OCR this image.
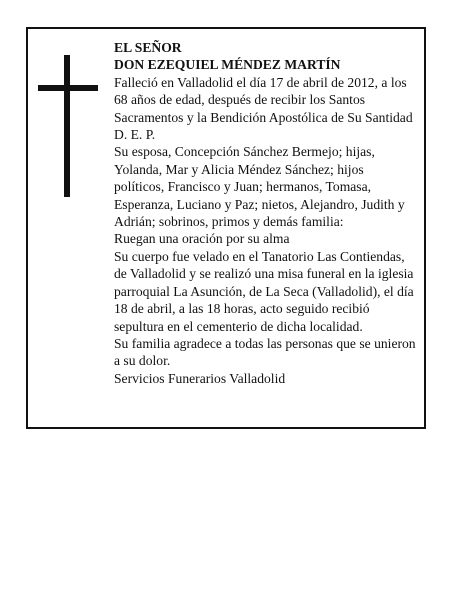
EL SEÑOR

DON EZEQUIEL MÉNDEZ MARTÍN

Falleció en Valladolid el día 17 de abril de 2012, a los 68 años de edad, después de recibir los Santos Sacramentos y la Bendición Apostólica de Su Santidad D. E. P.

Su esposa, Concepción Sánchez Bermejo; hijas, Yolanda, Mar y Alicia Méndez Sánchez; hijos políticos, Francisco y Juan; hermanos, Tomasa, Esperanza, Luciano y Paz; nietos, Alejandro, Judith y Adrián; sobrinos, primos y demás familia:

Ruegan una oración por su alma

Su cuerpo fue velado en el Tanatorio Las Contiendas, de Valladolid y se realizó una misa funeral en la iglesia parroquial La Asunción, de La Seca (Valladolid), el día 18 de abril, a las 18 horas, acto seguido recibió sepultura en el cementerio de dicha localidad.

Su familia agradece a todas las personas que se unieron a su dolor.

Servicios Funerarios Valladolid
